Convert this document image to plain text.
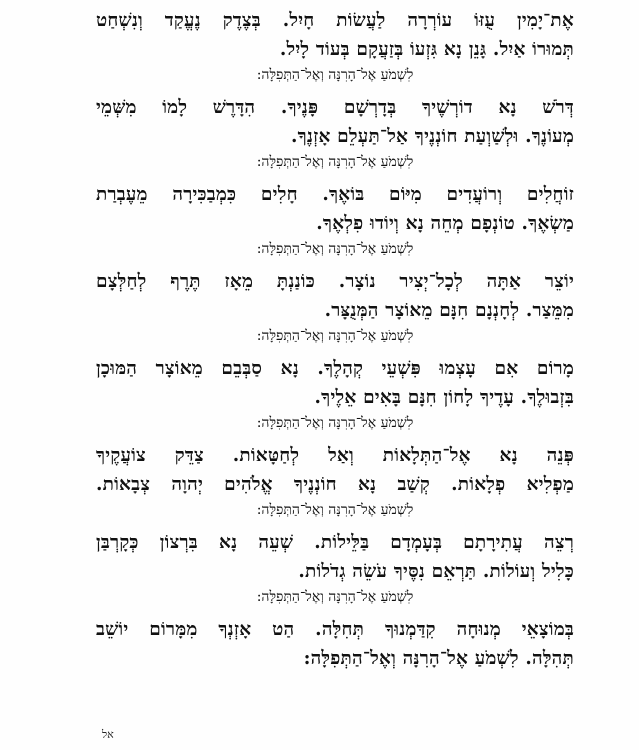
אֶת־יָמִין עֻזּוֹ עוֹרְרָה לַעֲשׂוֹת חָיִל. בְּצֶדֶק נֶעֱקַד וְנִשְׁחַט
תְּמוּרוֹ אַיִל. גָּנֵן נָא גִּזְעוֹ בְּזַעֲקָם בְּעוֹד לָיִל.
לִשְׁמֹעַ אֶל־הָרִנָּה וְאֶל־הַתְּפִלָּה:
דְּרֹשׁ נָא דוֹרְשֶׁיךָ בְּדָרְשָׁם פָּנֶיךָ. הִדָּרֶשׁ לָמוֹ מִשְּׁמֵי
מְעוֹנֶךָ. וּלְשַׁוְעַת חוֹנְנֶיךָ אַל־תַּעְלֵם אָזְנֶךָ.
לִשְׁמֹעַ אֶל־הָרִנָּה וְאֶל־הַתְּפִלָּה:
זוֹחֲלִים וְרוֹעֲדִים מִיּוֹם בּוֹאֶךָ. חָלִים כִּמְבַכִּירָה מֵעֶבְרַת
מַשְׂאֶךָ. טוֹנְפָם מְחֵה נָא וְיוֹדוּ פִלְאֶךָ.
לִשְׁמֹעַ אֶל־הָרִנָּה וְאֶל־הַתְּפִלָּה:
יוֹצֵר אַתָּה לְכָל־יְצִיר נוֹצָר. כּוֹנַנְתָּ מֵאָז תֶּרֶף לְחַלְּצָם
מִמֵּצַר. לְחָנְנָם חִנָּם מֵאוֹצָר הַמְּנֻצָּר.
לִשְׁמֹעַ אֶל־הָרִנָּה וְאֶל־הַתְּפִלָּה:
מָרוֹם אִם עָצְמוּ פִּשְׁעֵי קְהָלֶךָ. נָא סַבְּבֵם מֵאוֹצָר הַמּוּכָן
בִּזְבוּלֶךָ. עָדֶיךָ לָחוֹן חִנָּם בָּאִים אֵלֶיךָ.
לִשְׁמֹעַ אֶל־הָרִנָּה וְאֶל־הַתְּפִלָּה:
פְּנֵה נָא אֶל־הַתְּלָאוֹת וְאַל לְחַטָּאוֹת. צַדֵּק צוֹעֲקֶיךָ
מַפְלִיא פְלָאוֹת. קְשַׁב נָא חוֹנְנֶיךָ אֱלֹהִים יְהוָה צְבָאוֹת.
לִשְׁמֹעַ אֶל־הָרִנָּה וְאֶל־הַתְּפִלָּה:
רְצֵה עֲתִירָתָם בְּעָמְדָם בַּלֵּילוֹת. שְׁעֵה נָא בִּרְצוֹן כְּקָרְבַּן
כָּלִיל וְעוֹלוֹת. תַּרְאֵם נִסֶּיךָ עֹשֵׂה גְדֹלוֹת.
לִשְׁמֹעַ אֶל־הָרִנָּה וְאֶל־הַתְּפִלָּה:
בְּמוֹצָאֵי מְנוּחָה קִדַּמְנוּךָ תְּחִלָּה. הַט אָזְנְךָ מִמָּרוֹם יוֹשֵׁב
תְּהִלָּה. לִשְׁמֹעַ אֶל־הָרִנָּה וְאֶל־הַתְּפִלָּה:
אל
